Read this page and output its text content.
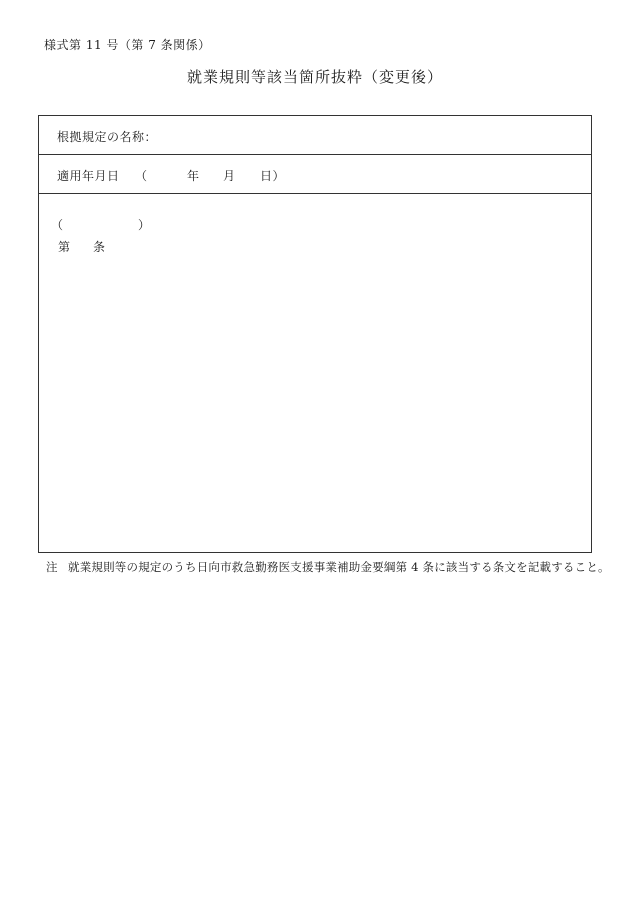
様式第 11 号（第 7 条関係）
就業規則等該当箇所抜粋（変更後）
根拠規定の名称：
適用年月日 （	年 月 日）
（	）
第 条
注 就業規則等の規定のうち日向市救急勤務医支援事業補助金要綱第 4 条に該当する条文を記載すること。
